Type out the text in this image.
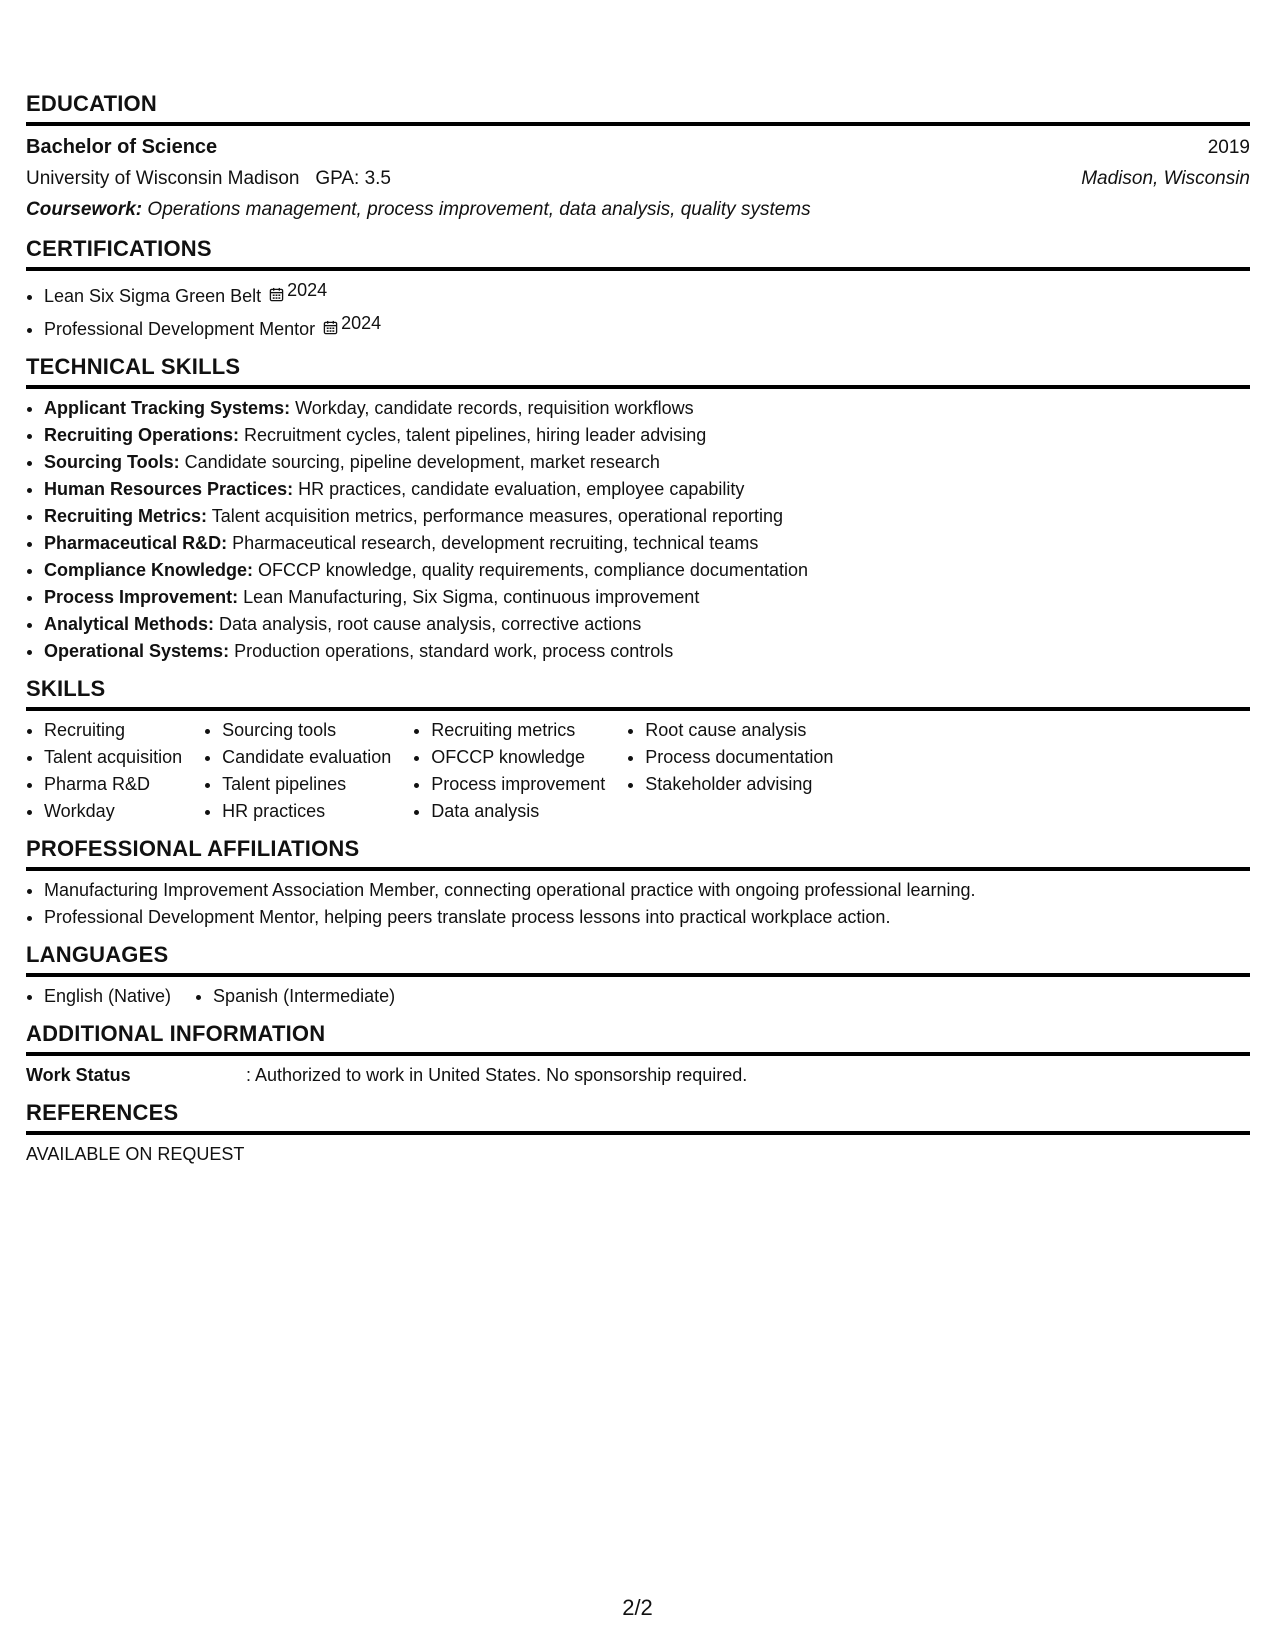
EDUCATION
Bachelor of Science	2019
University of Wisconsin Madison   GPA: 3.5	Madison, Wisconsin
Coursework: Operations management, process improvement, data analysis, quality systems
CERTIFICATIONS
• Lean Six Sigma Green Belt 2024
• Professional Development Mentor 2024
TECHNICAL SKILLS
• Applicant Tracking Systems: Workday, candidate records, requisition workflows
• Recruiting Operations: Recruitment cycles, talent pipelines, hiring leader advising
• Sourcing Tools: Candidate sourcing, pipeline development, market research
• Human Resources Practices: HR practices, candidate evaluation, employee capability
• Recruiting Metrics: Talent acquisition metrics, performance measures, operational reporting
• Pharmaceutical R&D: Pharmaceutical research, development recruiting, technical teams
• Compliance Knowledge: OFCCP knowledge, quality requirements, compliance documentation
• Process Improvement: Lean Manufacturing, Six Sigma, continuous improvement
• Analytical Methods: Data analysis, root cause analysis, corrective actions
• Operational Systems: Production operations, standard work, process controls
SKILLS
• Recruiting
• Talent acquisition
• Pharma R&D
• Workday
• Sourcing tools
• Candidate evaluation
• Talent pipelines
• HR practices
• Recruiting metrics
• OFCCP knowledge
• Process improvement
• Data analysis
• Root cause analysis
• Process documentation
• Stakeholder advising
PROFESSIONAL AFFILIATIONS
• Manufacturing Improvement Association Member, connecting operational practice with ongoing professional learning.
• Professional Development Mentor, helping peers translate process lessons into practical workplace action.
LANGUAGES
English (Native) Spanish (Intermediate)
ADDITIONAL INFORMATION
Work Status	: Authorized to work in United States. No sponsorship required.
REFERENCES
AVAILABLE ON REQUEST
2/2
